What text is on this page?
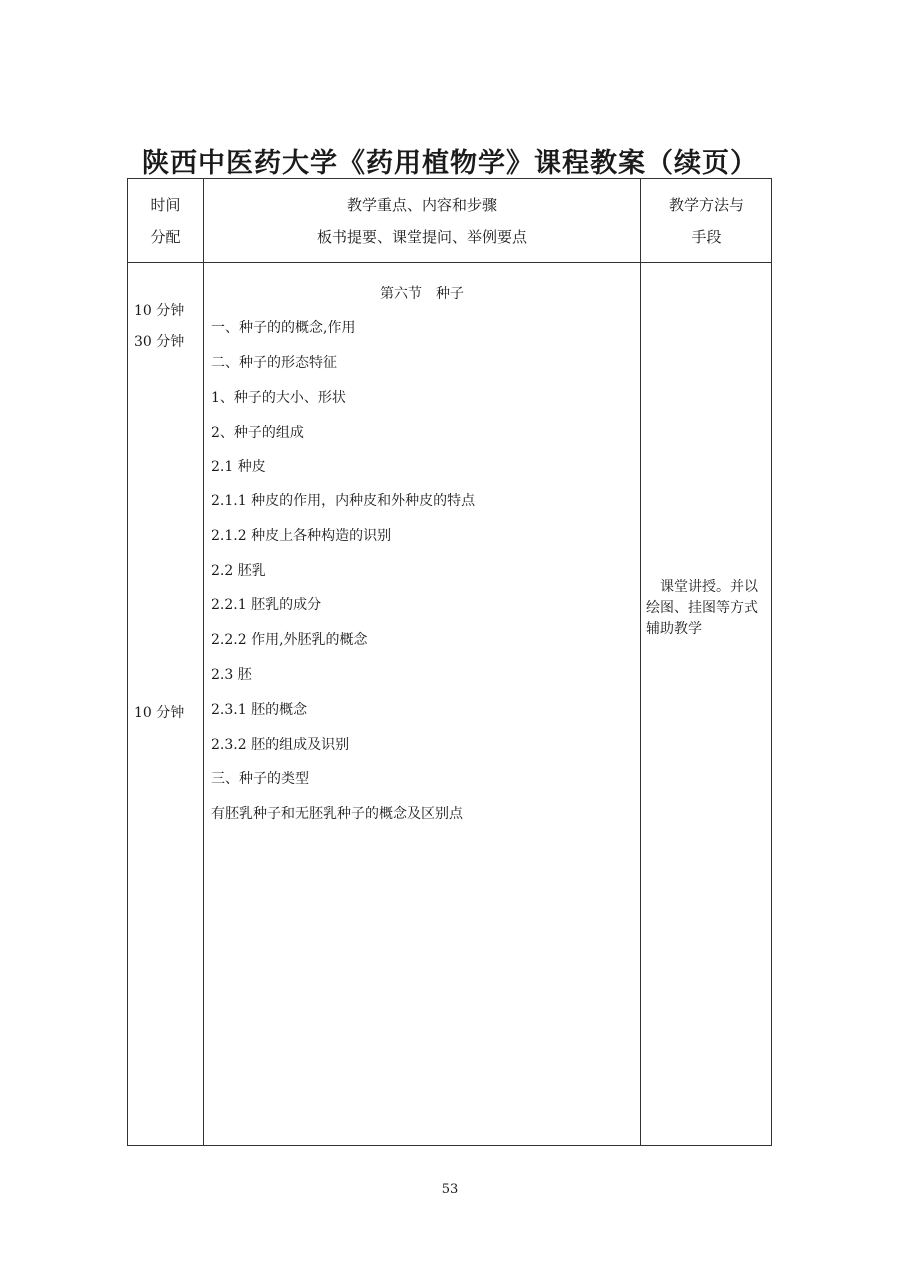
陕西中医药大学《药用植物学》课程教案（续页）
时间
分配
教学重点、内容和步骤
板书提要、课堂提问、举例要点
教学方法与
手段
10 分钟
30 分钟
10 分钟
第六节　种子
一、种子的的概念,作用
二、种子的形态特征
1、种子的大小、形状
2、种子的组成
2.1 种皮
2.1.1 种皮的作用，内种皮和外种皮的特点
2.1.2 种皮上各种构造的识别
2.2 胚乳
2.2.1 胚乳的成分
2.2.2 作用,外胚乳的概念
2.3 胚
2.3.1 胚的概念
2.3.2 胚的组成及识别
三、种子的类型
有胚乳种子和无胚乳种子的概念及区别点
课堂讲授。并以绘图、挂图等方式辅助教学
53
